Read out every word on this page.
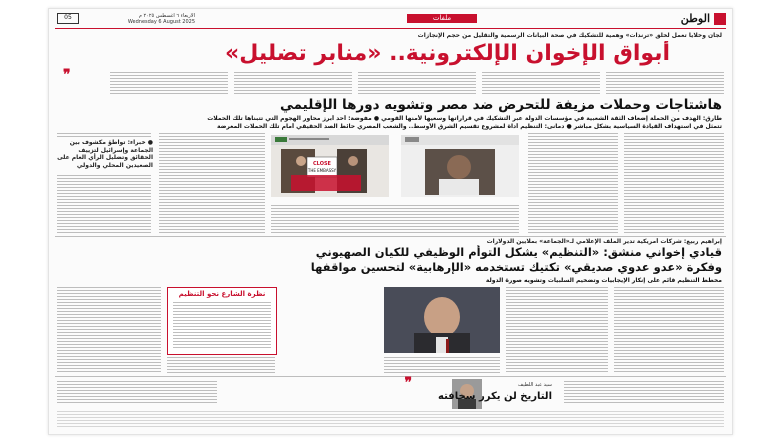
الوطن
ملفات
الأربعاء ٦ أغسطس ٢٠٢٥ م
Wednesday 6 August 2025
05
لجان وخلايا تعمل لخلق «ترندات» وهمية للتشكيك في صحة البيانات الرسمية والتقليل من حجم الإنجازات
أبواق الإخوان الإلكترونية.. «منابر تضليل»
❞
هاشتاجات وحملات مزيفة للتحرض ضد مصر وتشويه دورها الإقليمي
طارق: الهدف من الحملة إضعاف الثقة الشعبية في مؤسسات الدولة عبر التشكيك في قراراتها وسعيها لأمنها القومي ● مفوضة: أحد أبرز محاور الهجوم التي تتبناها تلك الحملات
تتمثل في استهداف القيادة السياسية بشكل مباشر ● دمانى: التنظيم أداة لمشروع تقسيم الشرق الأوسط.. والشعب المصري حائط الصد الحقيقي أمام تلك الحملات المغرضة
● خبراء: تواطؤ مكشوف بين الجماعة وإسرائيل لتزييف الحقائق وتضليل الرأي العام على الصعيدين المحلي والدولي	CLOSE
THE EMBASSY
إبراهيم ربيع: شركات أمريكية تدير الملف الإعلامي لـ«الجماعة» بملايين الدولارات
قيادي إخواني منشق: «التنظيم» يشكل التوأم الوظيفي للكيان الصهيوني
وفكرة «عدو عدوي صديقي» تكتيك تستخدمه «الإرهابية» لتحسين مواقفها
مخطط التنظيم قائم على إنكار الإيجابيات وتضخيم السلبيات وتشويه صورة الدولة
نظرة الشارع نحو التنظيم
❞	سيد عبد اللطيف
التاريخ لن يكرر سخافته
